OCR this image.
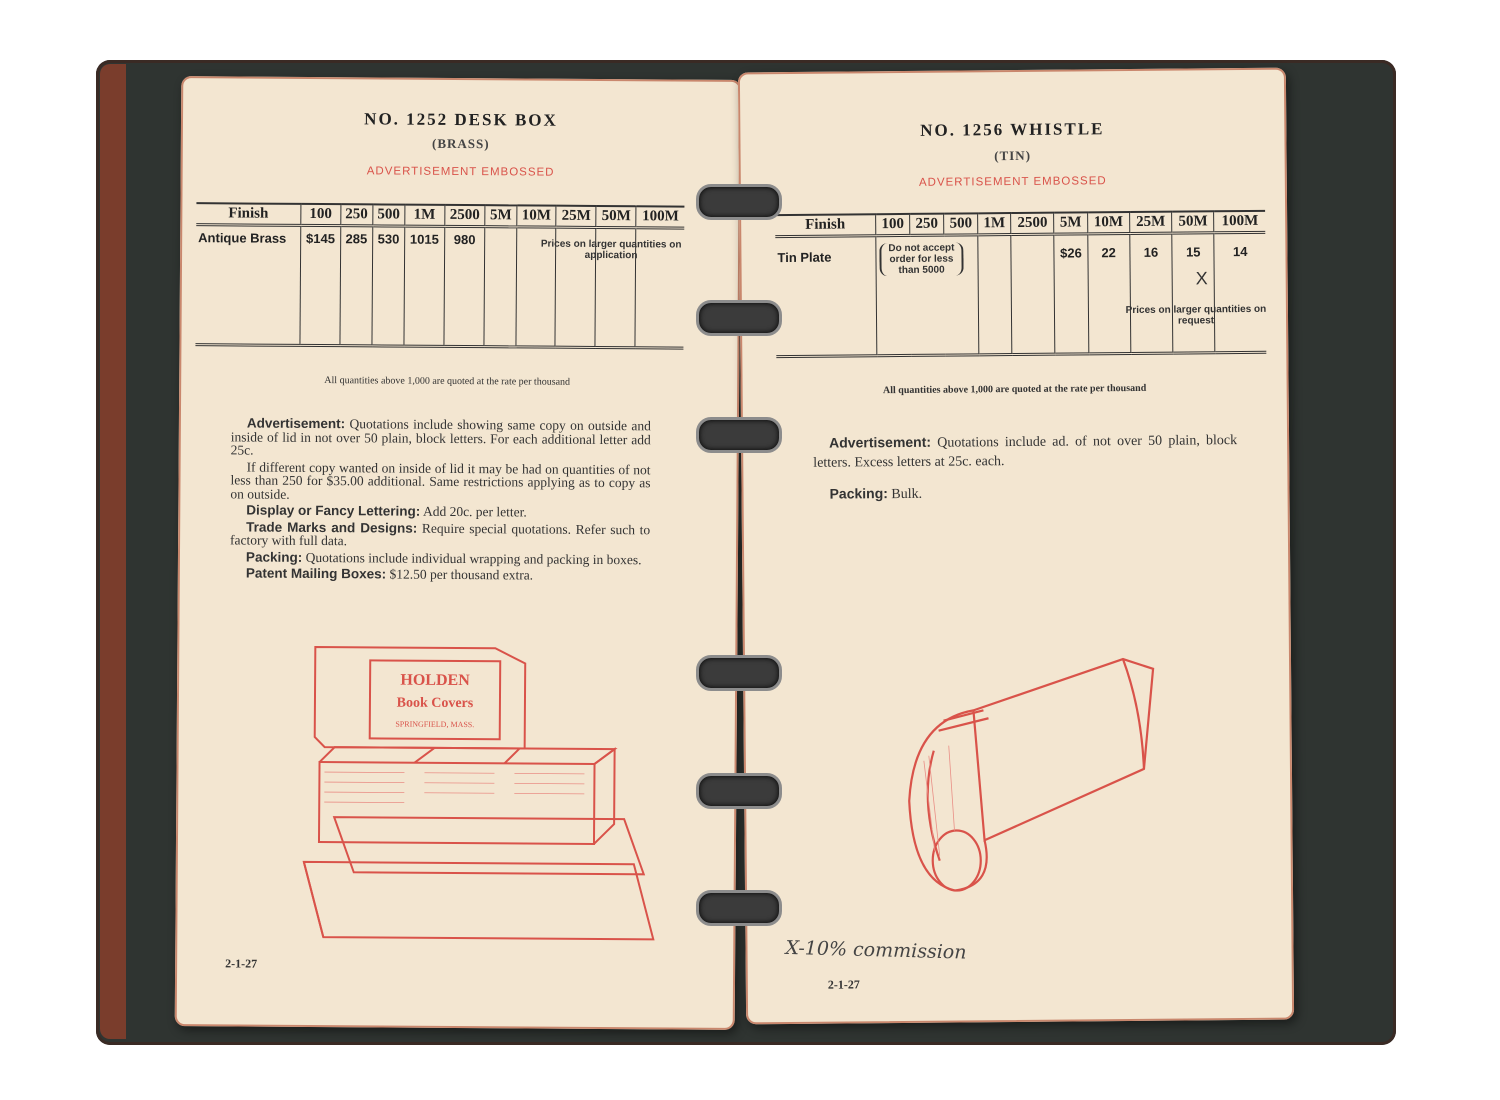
NO. 1252 DESK BOX
(BRASS)
ADVERTISEMENT EMBOSSED
Finish	100	250	500	1M	2500	5M	10M	25M	50M	100M
Antique Brass	$145	285	530	1015	980						Prices on larger quantities on application
All quantities above 1,000 are quoted at the rate per thousand

Advertisement: Quotations include showing same copy on outside and inside of lid in not over 50 plain, block letters. For each additional letter add 25c.

If different copy wanted on inside of lid it may be had on quantities of not less than 250 for $35.00 additional. Same restrictions applying as to copy as on outside.

Display or Fancy Lettering: Add 20c. per letter.

Trade Marks and Designs: Require special quotations. Refer such to factory with full data.

Packing: Quotations include individual wrapping and packing in boxes.

Patent Mailing Boxes: $12.50 per thousand extra.

HOLDEN
Book Covers
SPRINGFIELD, MASS.
2-1-27
NO. 1256 WHISTLE
(TIN)
ADVERTISEMENT EMBOSSED
Finish	100	250	500	1M	2500	5M	10M	25M	50M	100M
Tin Plate						$26	22	16	15	14
Do not accept order for less than 5000	X
Prices on larger quantities on request
All quantities above 1,000 are quoted at the rate per thousand

Advertisement: Quotations include ad. of not over 50 plain, block letters. Excess letters at 25c. each.

Packing: Bulk.

X-10% commission
2-1-27
